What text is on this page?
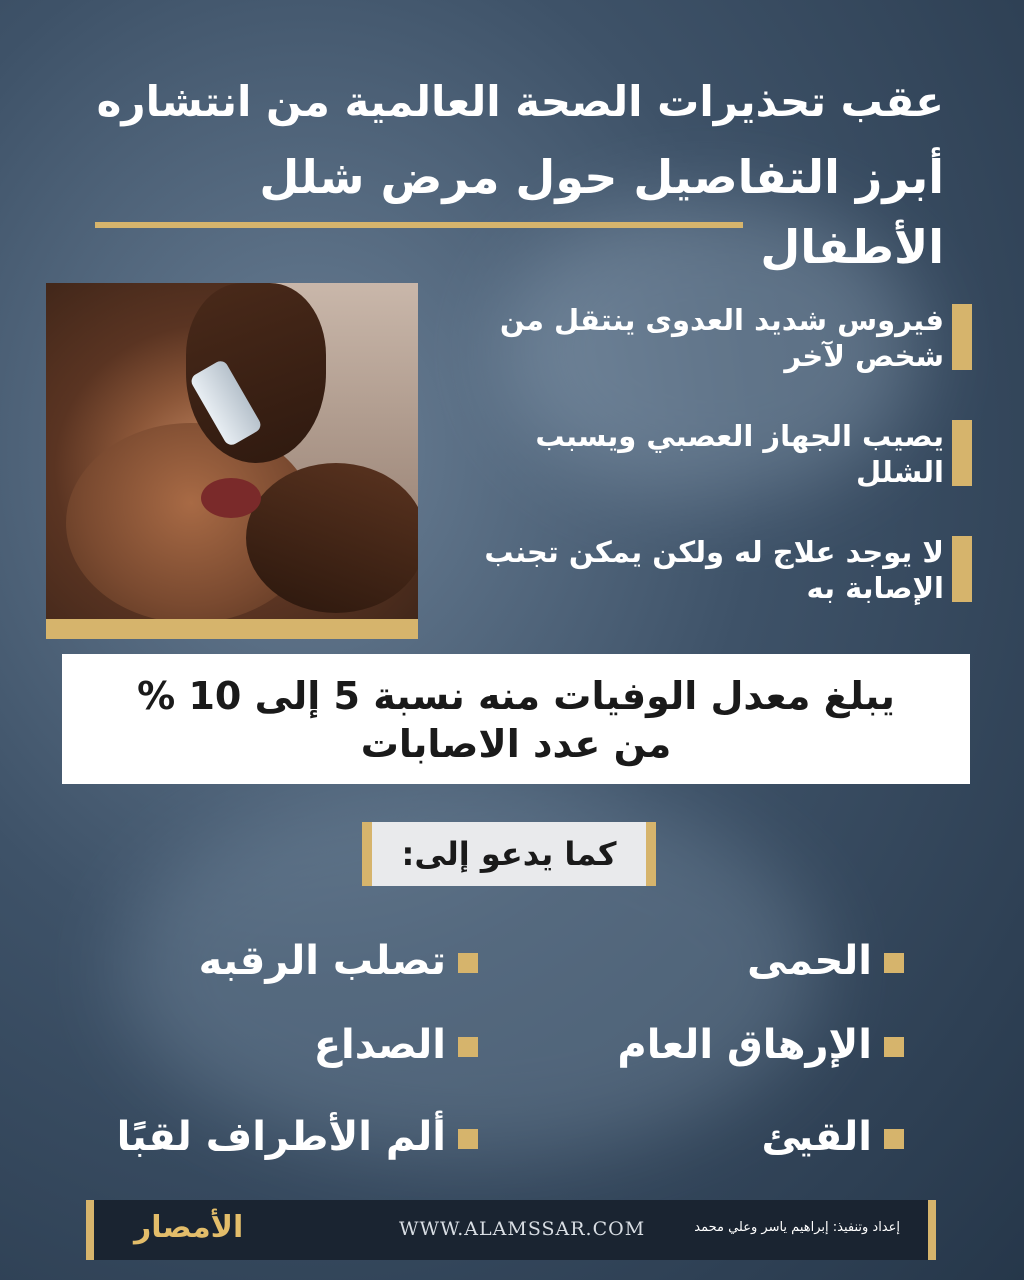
عقب تحذيرات الصحة العالمية من انتشاره
أبرز التفاصيل حول مرض شلل الأطفال
فيروس شديد العدوى ينتقل من شخص لآخر
يصيب الجهاز العصبي ويسبب الشلل
لا يوجد علاج له ولكن يمكن تجنب الإصابة به
يبلغ معدل الوفيات منه نسبة 5 إلى 10 %
من عدد الاصابات
كما يدعو إلى:
الحمى
الإرهاق العام
القيئ
تصلب الرقبه
الصداع
ألم الأطراف لقبًا
الأمصار	WWW.ALAMSSAR.COM	إعداد وتنفيذ: إبراهيم ياسر وعلي محمد
